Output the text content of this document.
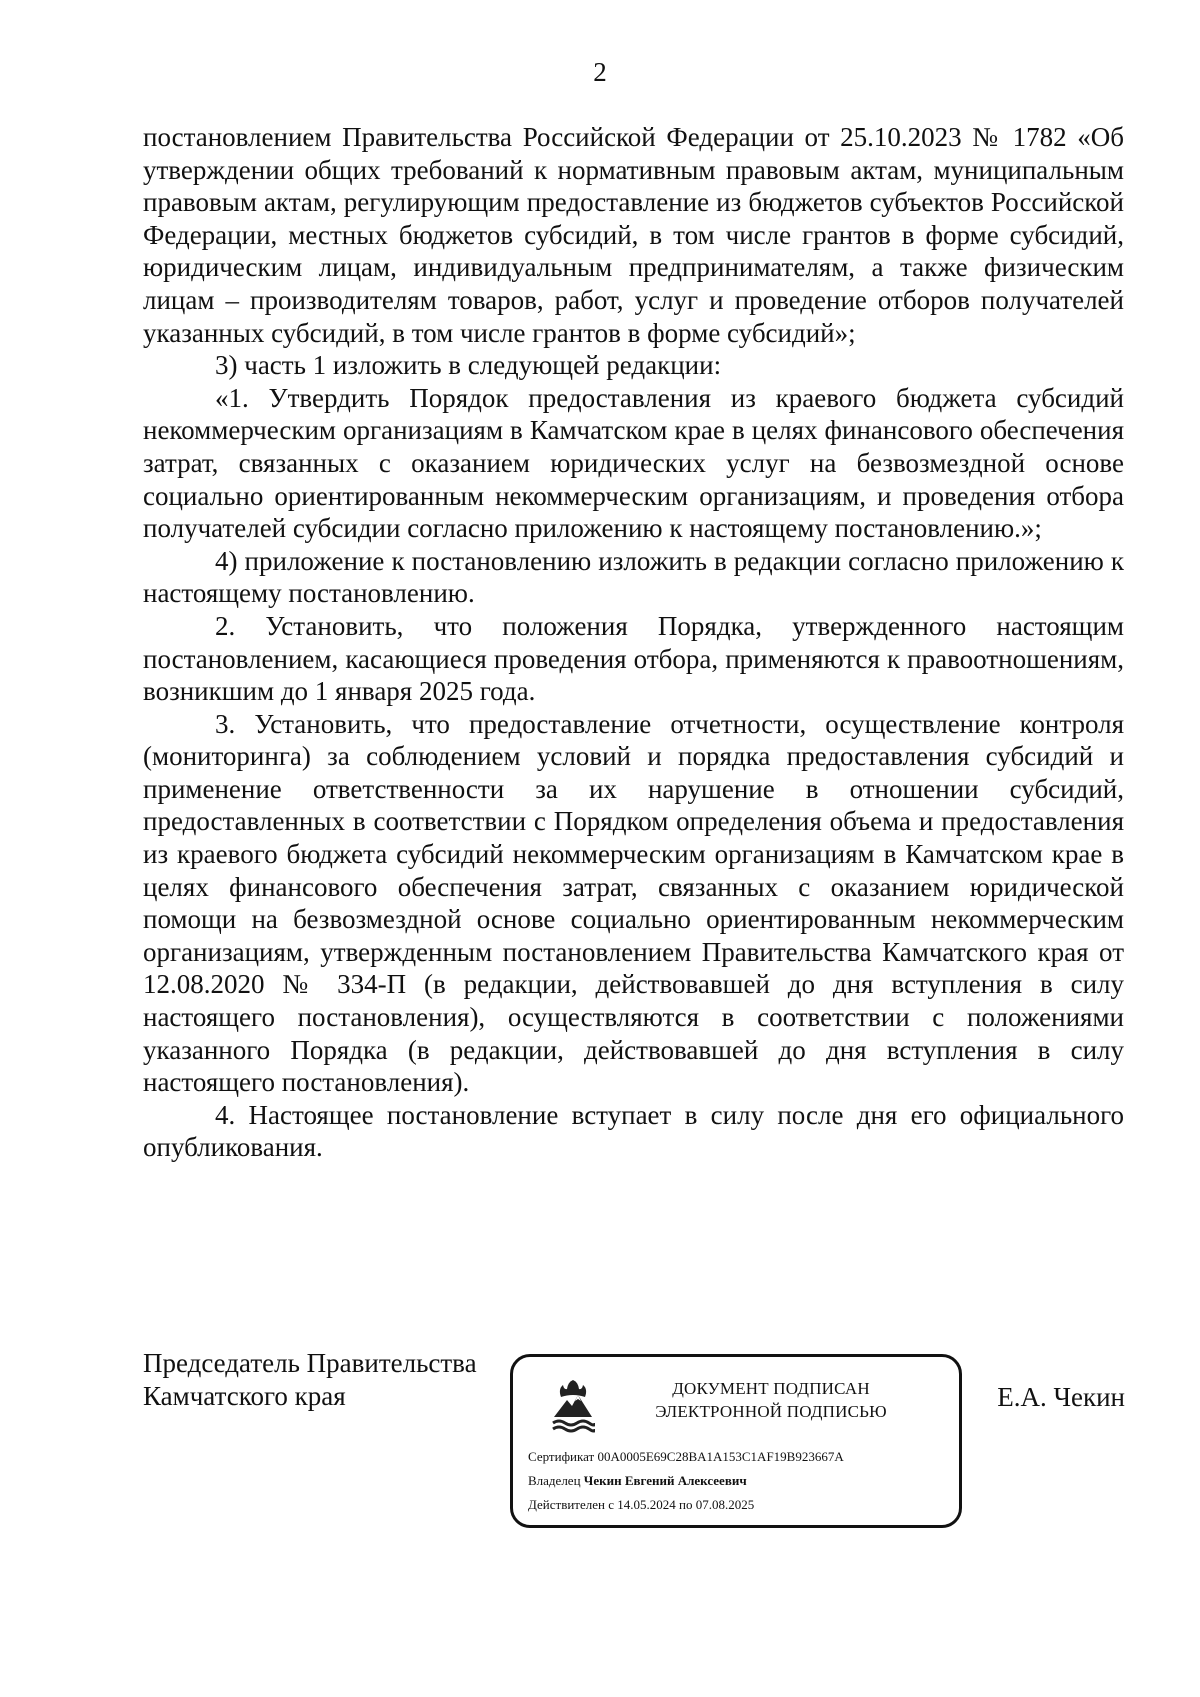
2

постановлением Правительства Российской Федерации от 25.10.2023 № 1782 «Об утверждении общих требований к нормативным правовым актам, муниципальным правовым актам, регулирующим предоставление из бюджетов субъектов Российской Федерации, местных бюджетов субсидий, в том числе грантов в форме субсидий, юридическим лицам, индивидуальным предпринимателям, а также физическим лицам – производителям товаров, работ, услуг и проведение отборов получателей указанных субсидий, в том числе грантов в форме субсидий»;

3) часть 1 изложить в следующей редакции:

«1. Утвердить Порядок предоставления из краевого бюджета субсидий некоммерческим организациям в Камчатском крае в целях финансового обеспечения затрат, связанных с оказанием юридических услуг на безвозмездной основе социально ориентированным некоммерческим организациям, и проведения отбора получателей субсидии согласно приложению к настоящему постановлению.»;

4) приложение к постановлению изложить в редакции согласно приложению к настоящему постановлению.

2. Установить, что положения Порядка, утвержденного настоящим постановлением, касающиеся проведения отбора, применяются к правоотношениям, возникшим до 1 января 2025 года.

3. Установить, что предоставление отчетности, осуществление контроля (мониторинга) за соблюдением условий и порядка предоставления субсидий и применение ответственности за их нарушение в отношении субсидий, предоставленных в соответствии с Порядком определения объема и предоставления из краевого бюджета субсидий некоммерческим организациям в Камчатском крае в целях финансового обеспечения затрат, связанных с оказанием юридической помощи на безвозмездной основе социально ориентированным некоммерческим организациям, утвержденным постановлением Правительства Камчатского края от 12.08.2020 № 334-П (в редакции, действовавшей до дня вступления в силу настоящего постановления), осуществляются в соответствии с положениями указанного Порядка (в редакции, действовавшей до дня вступления в силу настоящего постановления).

4. Настоящее постановление вступает в силу после дня его официального опубликования.

Председатель Правительства
Камчатского края	ДОКУМЕНТ ПОДПИСАН
ЭЛЕКТРОННОЙ ПОДПИСЬЮ
Сертификат 00A0005E69C28BA1A153C1AF19B923667A
Владелец Чекин Евгений Алексеевич
Действителен с 14.05.2024 по 07.08.2025
Е.А. Чекин
